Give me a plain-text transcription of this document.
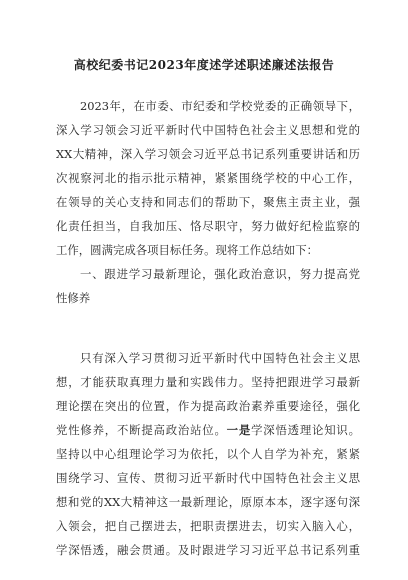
高校纪委书记2023年度述学述职述廉述法报告
2023年，在市委、市纪委和学校党委的正确领导下，
深入学习领会习近平新时代中国特色社会主义思想和党的
XX大精神，深入学习领会习近平总书记系列重要讲话和历
次视察河北的指示批示精神，紧紧围绕学校的中心工作，
在领导的关心支持和同志们的帮助下，聚焦主责主业，强
化责任担当，自我加压、恪尽职守，努力做好纪检监察的
工作，圆满完成各项目标任务。现将工作总结如下：
一、跟进学习最新理论，强化政治意识，努力提高党
性修养
只有深入学习贯彻习近平新时代中国特色社会主义思
想，才能获取真理力量和实践伟力。坚持把跟进学习最新
理论摆在突出的位置，作为提高政治素养重要途径，强化
党性修养，不断提高政治站位。一是学深悟透理论知识。
坚持以中心组理论学习为依托，以个人自学为补充，紧紧
围绕学习、宣传、贯彻习近平新时代中国特色社会主义思
想和党的XX大精神这一最新理论，原原本本，逐字逐句深
入领会，把自己摆进去，把职责摆进去，切实入脑入心，
学深悟透，融会贯通。及时跟进学习习近平总书记系列重
